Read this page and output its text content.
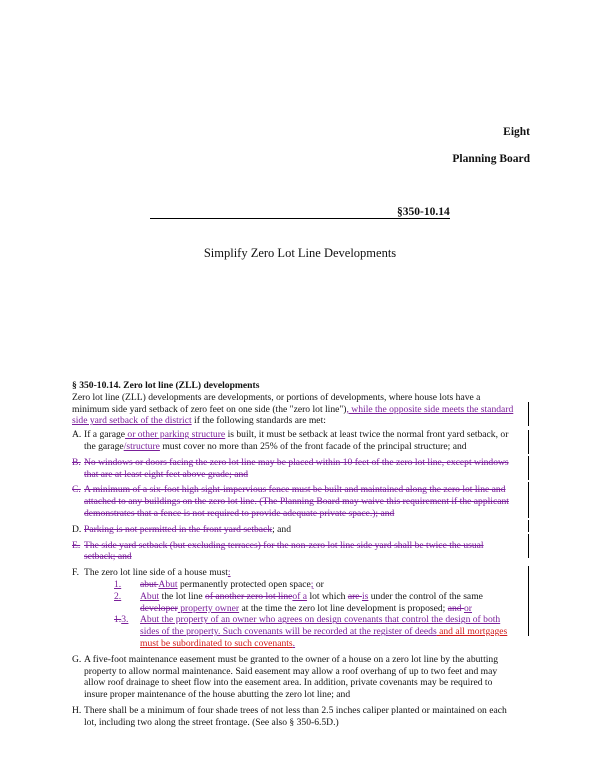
Eight
Planning Board
§350-10.14
Simplify Zero Lot Line Developments

§ 350-10.14. Zero lot line (ZLL) developments

Zero lot line (ZLL) developments are developments, or portions of developments, where house lots have a minimum side yard setback of zero feet on one side (the "zero lot line"), while the opposite side meets the standard side yard setback of the district if the following standards are met:

A. If a garage or other parking structure is built, it must be setback at least twice the normal front yard setback, or the garage/structure must cover no more than 25% of the front facade of the principal structure; and
B. No windows or doors facing the zero lot line may be placed within 10 feet of the zero lot line, except windows that are at least eight feet above grade; and
C. A minimum of a six-foot high sight-impervious fence must be built and maintained along the zero lot line and attached to any buildings on the zero lot line. (The Planning Board may waive this requirement if the applicant demonstrates that a fence is not required to provide adequate private space.); and
D. Parking is not permitted in the front yard setback; and
E. The side yard setback (but excluding terraces) for the non-zero lot line side yard shall be twice the usual setback; and
F. The zero lot line side of a house must:
1.	abut Abut permanently protected open space; or
2.	Abut the lot line of another zero lot lineof a lot which are is under the control of the same developer property owner at the time the zero lot line development is proposed; and or
1.3.	Abut the property of an owner who agrees on design covenants that control the design of both sides of the property. Such covenants will be recorded at the register of deeds and all mortgages must be subordinated to such covenants.
G. A five-foot maintenance easement must be granted to the owner of a house on a zero lot line by the abutting property to allow normal maintenance. Said easement may allow a roof overhang of up to two feet and may allow roof drainage to sheet flow into the easement area. In addition, private covenants may be required to insure proper maintenance of the house abutting the zero lot line; and
H. There shall be a minimum of four shade trees of not less than 2.5 inches caliper planted or maintained on each lot, including two along the street frontage. (See also § 350-6.5D.)
